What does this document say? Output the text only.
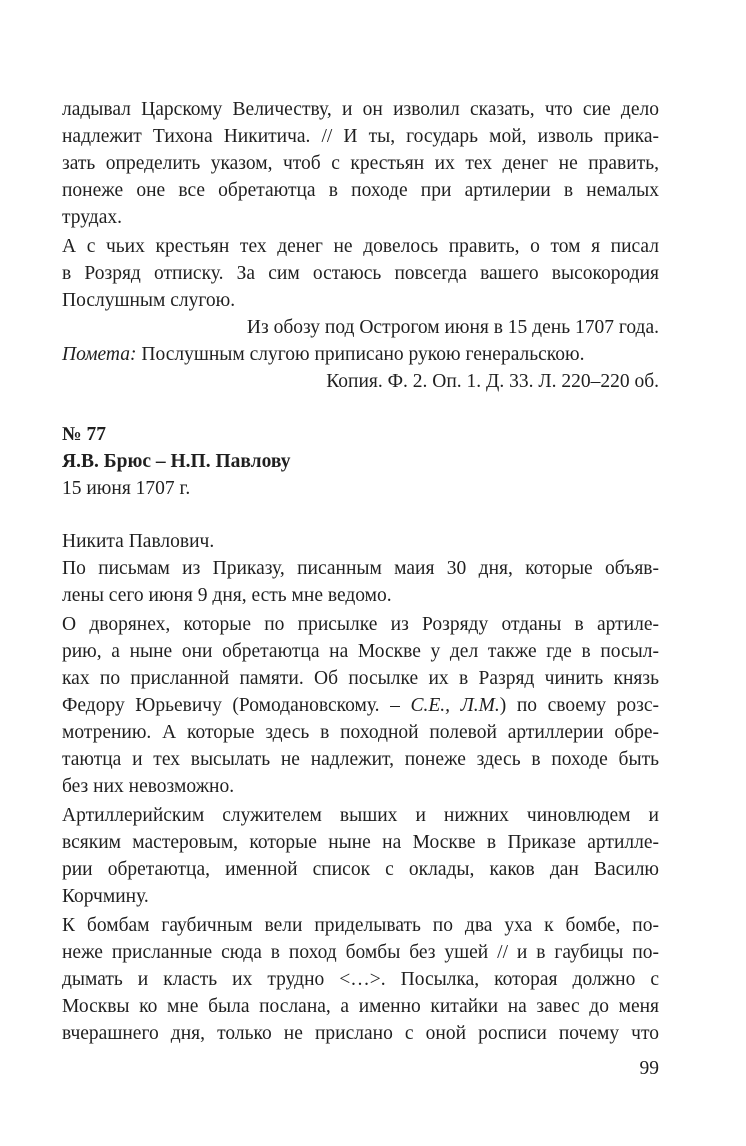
ладывал Царскому Величеству, и он изволил сказать, что сие дело
надлежит Тихона Никитича. // И ты, государь мой, изволь прика-
зать определить указом, чтоб с крестьян их тех денег не править,
понеже оне все обретаютца в походе при артилерии в немалых
трудах.
А с чьих крестьян тех денег не довелось править, о том я писал
в Розряд отписку. За сим остаюсь повсегда вашего высокородия
Послушным слугою.
Из обозу под Острогом июня в 15 день 1707 года.
Помета: Послушным слугою приписано рукою генеральскою.
Копия. Ф. 2. Оп. 1. Д. 33. Л. 220–220 об.
№ 77
Я.В. Брюс – Н.П. Павлову
15 июня 1707 г.
Никита Павлович.
По письмам из Приказу, писанным маия 30 дня, которые объяв-
лены сего июня 9 дня, есть мне ведомо.
О дворянех, которые по присылке из Розряду отданы в артиле-
рию, а ныне они обретаютца на Москве у дел также где в посыл-
ках по присланной памяти. Об посылке их в Разряд чинить князь
Федору Юрьевичу (Ромодановскому. – С.Е., Л.М.) по своему розс-
мотрению. А которые здесь в походной полевой артиллерии обре-
таютца и тех высылать не надлежит, понеже здесь в походе быть
без них невозможно.
Артиллерийским служителем выших и нижних чиновлюдем и
всяким мастеровым, которые ныне на Москве в Приказе артилле-
рии обретаютца, именной список с оклады, каков дан Василю
Корчмину.
К бомбам гаубичным вели приделывать по два уха к бомбе, по-
неже присланные сюда в поход бомбы без ушей // и в гаубицы по-
дымать и класть их трудно <…>. Посылка, которая должно с
Москвы ко мне была послана, а именно китайки на завес до меня
вчерашнего дня, только не прислано с оной росписи почему что
99
